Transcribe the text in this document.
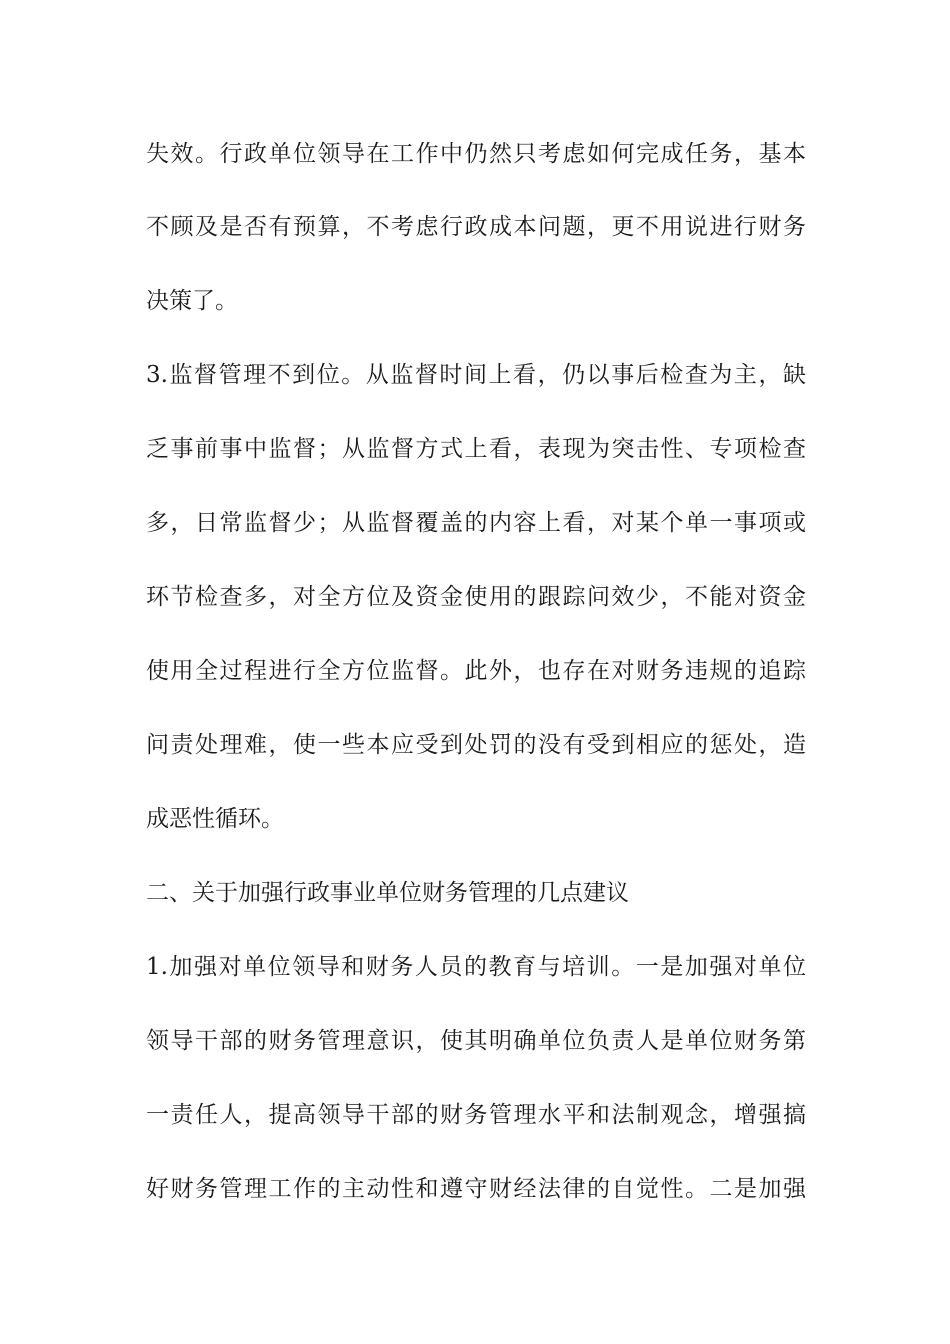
失效。行政单位领导在工作中仍然只考虑如何完成任务，基本
不顾及是否有预算，不考虑行政成本问题，更不用说进行财务
决策了。
3.监督管理不到位。从监督时间上看，仍以事后检查为主，缺
乏事前事中监督；从监督方式上看，表现为突击性、专项检查
多，日常监督少；从监督覆盖的内容上看，对某个单一事项或
环节检查多，对全方位及资金使用的跟踪问效少，不能对资金
使用全过程进行全方位监督。此外，也存在对财务违规的追踪
问责处理难，使一些本应受到处罚的没有受到相应的惩处，造
成恶性循环。
二、关于加强行政事业单位财务管理的几点建议
1.加强对单位领导和财务人员的教育与培训。一是加强对单位
领导干部的财务管理意识，使其明确单位负责人是单位财务第
一责任人，提高领导干部的财务管理水平和法制观念，增强搞
好财务管理工作的主动性和遵守财经法律的自觉性。二是加强
